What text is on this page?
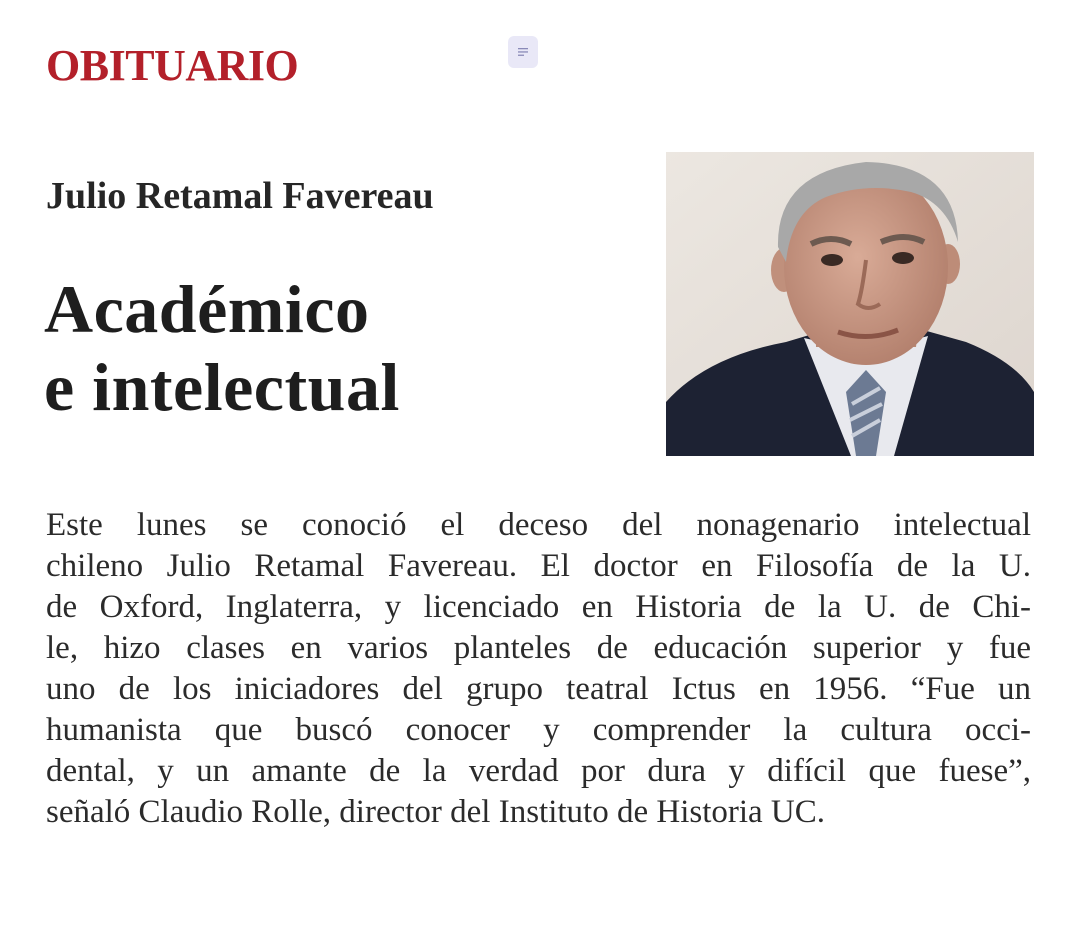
OBITUARIO
Julio Retamal Favereau
Académico
e intelectual
Este lunes se conoció el deceso del nonagenario intelectual
chileno Julio Retamal Favereau. El doctor en Filosofía de la U.
de Oxford, Inglaterra, y licenciado en Historia de la U. de Chi-
le, hizo clases en varios planteles de educación superior y fue
uno de los iniciadores del grupo teatral Ictus en 1956. “Fue un
humanista que buscó conocer y comprender la cultura occi-
dental, y un amante de la verdad por dura y difícil que fuese”,
señaló Claudio Rolle, director del Instituto de Historia UC.
